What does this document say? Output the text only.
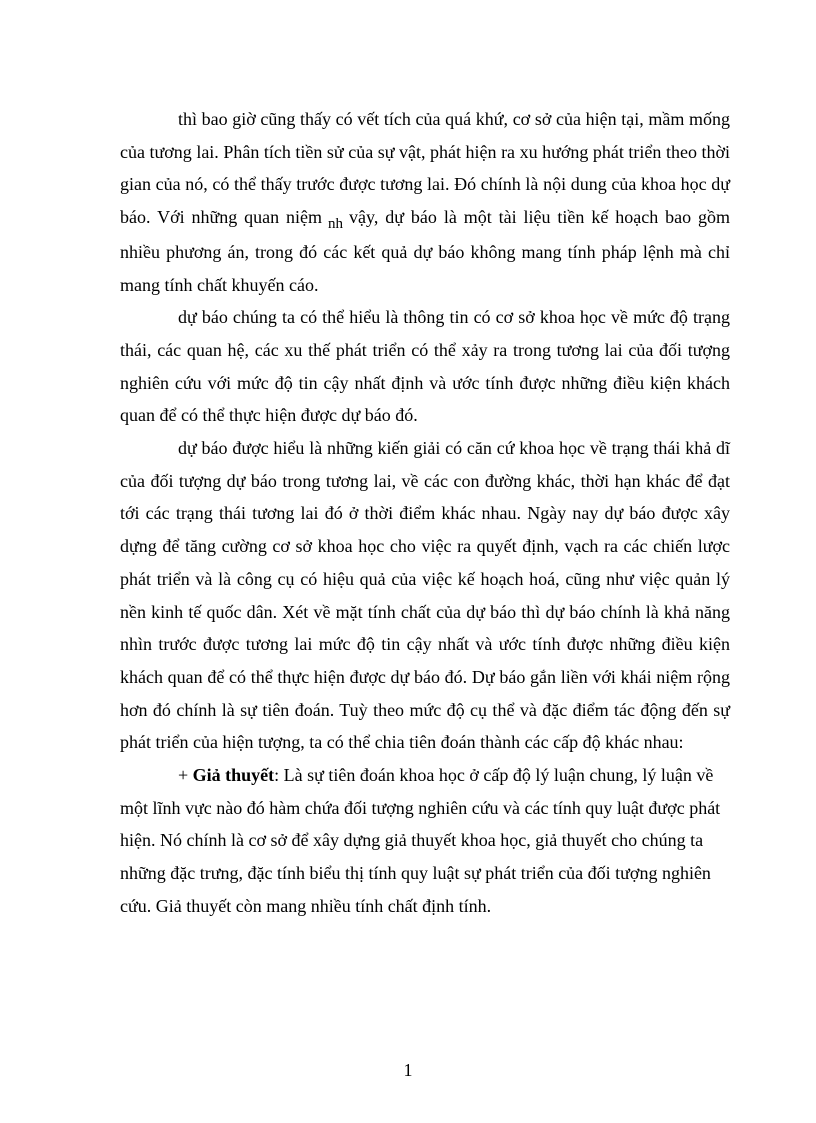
thì bao giờ cũng thấy có vết tích của quá khứ, cơ sở của hiện tại, mầm mống của tương lai. Phân tích tiền sử của sự vật, phát hiện ra xu hướng phát triển theo thời gian của nó, có thể thấy trước được tương lai. Đó chính là nội dung của khoa học dự báo. Với những quan niệm $_{nh}$ vậy, dự báo là một tài liệu tiền kế hoạch bao gồm nhiều phương án, trong đó các kết quả dự báo không mang tính pháp lệnh mà chỉ mang tính chất khuyến cáo.

dự báo chúng ta có thể hiểu là thông tin có cơ sở khoa học về mức độ trạng thái, các quan hệ, các xu thế phát triển có thể xảy ra trong tương lai của đối tượng nghiên cứu với mức độ tin cậy nhất định và ước tính được những điều kiện khách quan để có thể thực hiện được dự báo đó.

dự báo được hiểu là những kiến giải có căn cứ khoa học về trạng thái khả dĩ của đối tượng dự báo trong tương lai, về các con đường khác, thời hạn khác để đạt tới các trạng thái tương lai đó ở thời điểm khác nhau. Ngày nay dự báo được xây dựng để tăng cường cơ sở khoa học cho việc ra quyết định, vạch ra các chiến lược phát triển và là công cụ có hiệu quả của việc kế hoạch hoá, cũng như việc quản lý nền kinh tế quốc dân. Xét về mặt tính chất của dự báo thì dự báo chính là khả năng nhìn trước được tương lai mức độ tin cậy nhất và ước tính được những điều kiện khách quan để có thể thực hiện được dự báo đó. Dự báo gắn liền với khái niệm rộng hơn đó chính là sự tiên đoán. Tuỳ theo mức độ cụ thể và đặc điểm tác động đến sự phát triển của hiện tượng, ta có thể chia tiên đoán thành các cấp độ khác nhau:

+ Giả thuyết: Là sự tiên đoán khoa học ở cấp độ lý luận chung, lý luận về một lĩnh vực nào đó hàm chứa đối tượng nghiên cứu và các tính quy luật được phát hiện. Nó chính là cơ sở để xây dựng giả thuyết khoa học, giả thuyết cho chúng ta những đặc trưng, đặc tính biểu thị tính quy luật sự phát triển của đối tượng nghiên cứu. Giả thuyết còn mang nhiều tính chất định tính.

1
